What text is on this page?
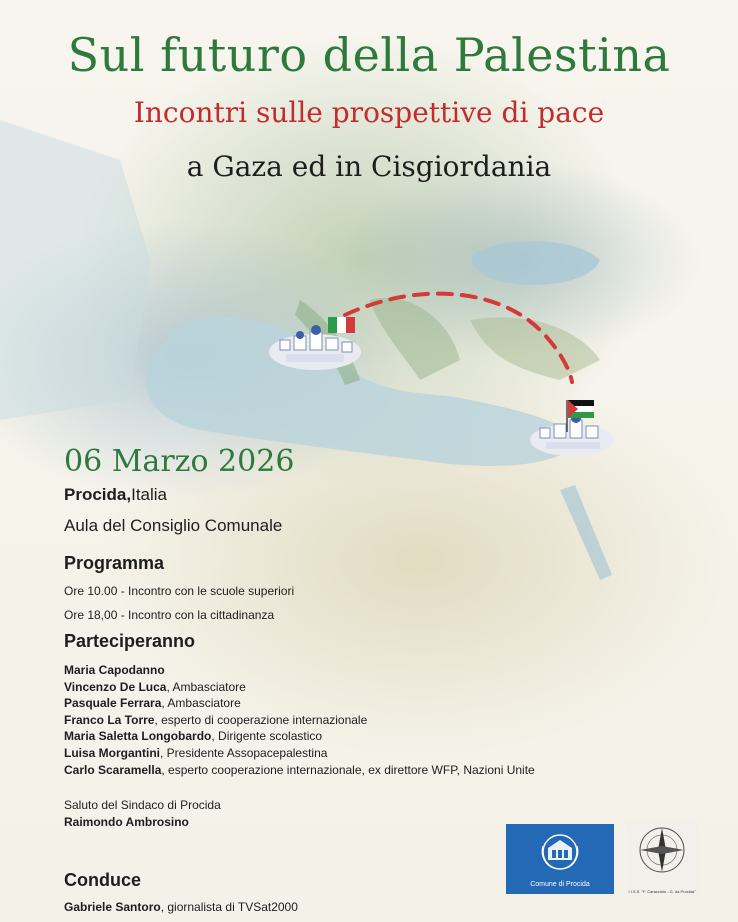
Sul futuro della Palestina
Incontri sulle prospettive di pace
a Gaza ed in Cisgiordania
06 Marzo 2026
Procida,Italia
Aula del Consiglio Comunale
Programma
Ore 10.00 - Incontro con le scuole superiori
Ore 18,00 - Incontro con la cittadinanza
Parteciperanno
Maria Capodanno
Vincenzo De Luca, Ambasciatore
Pasquale Ferrara, Ambasciatore
Franco La Torre, esperto di cooperazione internazionale
Maria Saletta Longobardo, Dirigente scolastico
Luisa Morgantini, Presidente Assopacepalestina
Carlo Scaramella, esperto cooperazione internazionale, ex direttore WFP, Nazioni Unite
Saluto del Sindaco di Procida
Raimondo Ambrosino
Conduce
Gabriele Santoro, giornalista di TVSat2000
Comune di Procida
I.I.S.S. "F. Caracciolo - G. da Procida"
